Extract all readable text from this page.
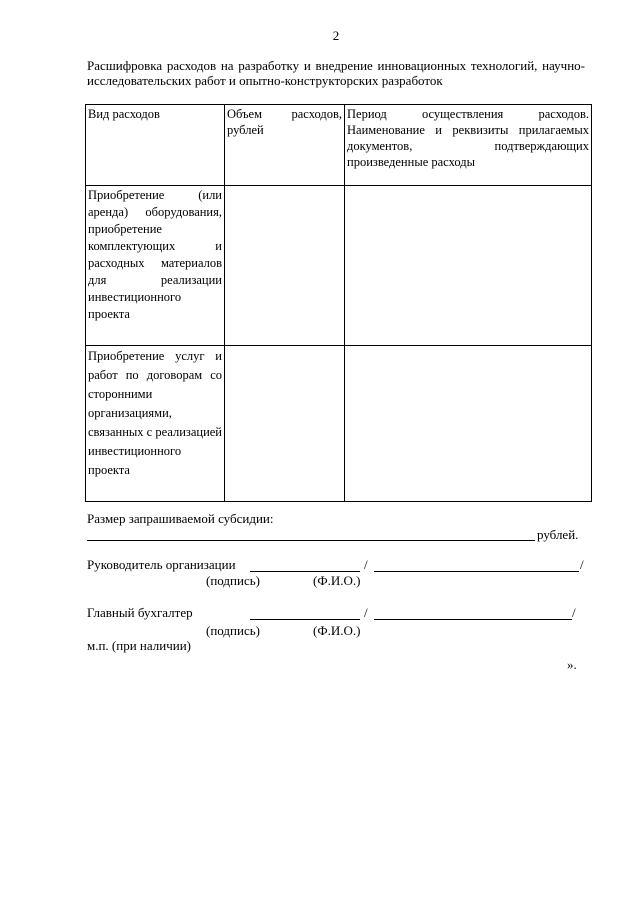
2
Расшифровка расходов на разработку и внедрение инновационных технологий, научно-исследовательских работ и опытно-конструкторских разработок
Вид расходов	Объем расходов, рублей	Период осуществления расходов. Наименование и реквизиты прилагаемых документов, подтверждающих произведенные расходы

Приобретение (или аренда) оборудования, приобретение комплектующих и расходных материалов для реализации инвестиционного проекта		

Приобретение услуг и работ по договорам со сторонними организациями, связанных с реализацией инвестиционного проекта		

Размер запрашиваемой субсидии:
рублей.
Руководитель организации	/	/
(подпись)	(Ф.И.О.)
Главный бухгалтер	/	/
(подпись)	(Ф.И.О.)
м.п. (при наличии)
».
